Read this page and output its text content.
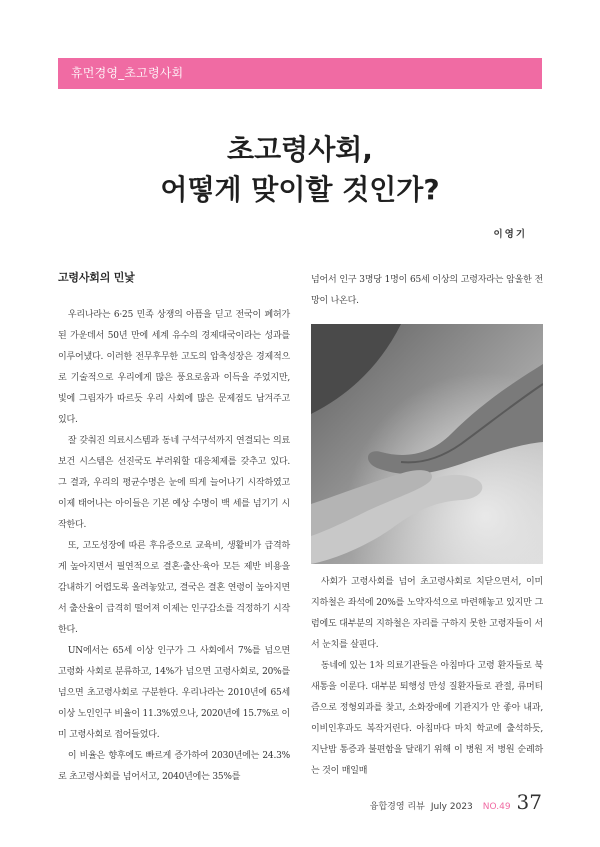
휴먼경영_초고령사회
초고령사회,
어떻게 맞이할 것인가?
이영기
고령사회의 민낯

우리나라는 6·25 민족 상쟁의 아픔을 딛고 전국이 폐허가 된 가운데서 50년 만에 세계 유수의 경제대국이라는 성과를 이루어냈다. 이러한 전무후무한 고도의 압축성장은 경제적으로 기술적으로 우리에게 많은 풍요로움과 이득을 주었지만, 빛에 그림자가 따르듯 우리 사회에 많은 문제점도 남겨주고 있다.

잘 갖춰진 의료시스템과 동네 구석구석까지 연결되는 의료보건 시스템은 선진국도 부러워할 대응체제를 갖추고 있다. 그 결과, 우리의 평균수명은 눈에 띄게 늘어나기 시작하였고 이제 태어나는 아이들은 기본 예상 수명이 백 세를 넘기기 시작한다.

또, 고도성장에 따른 후유증으로 교육비, 생활비가 급격하게 높아지면서 필연적으로 결혼·출산·육아 모든 제반 비용을 감내하기 어렵도록 올려놓았고, 결국은 결혼 연령이 높아지면서 출산율이 급격히 떨어져 이제는 인구감소를 걱정하기 시작한다.

UN에서는 65세 이상 인구가 그 사회에서 7%를 넘으면 고령화 사회로 분류하고, 14%가 넘으면 고령사회로, 20%를 넘으면 초고령사회로 구분한다. 우리나라는 2010년에 65세 이상 노인인구 비율이 11.3%였으나, 2020년에 15.7%로 이미 고령사회로 접어들었다.

이 비율은 향후에도 빠르게 증가하여 2030년에는 24.3%로 초고령사회를 넘어서고, 2040년에는 35%를

넘어서 인구 3명당 1명이 65세 이상의 고령자라는 암울한 전망이 나온다.

사회가 고령사회를 넘어 초고령사회로 치닫으면서, 이미 지하철은 좌석에 20%를 노약자석으로 마련해놓고 있지만 그럼에도 대부분의 지하철은 자리를 구하지 못한 고령자들이 서서 눈치를 살핀다.

동네에 있는 1차 의료기관들은 아침마다 고령 환자들로 북새통을 이룬다. 대부분 퇴행성 만성 질환자들로 관절, 류머티즘으로 정형외과를 찾고, 소화장애에 기관지가 안 좋아 내과, 이비인후과도 복작거린다. 아침마다 마치 학교에 출석하듯, 지난밤 통증과 불편함을 달래기 위해 이 병원 저 병원 순례하는 것이 매일매

융합경영 리뷰 July 2023 NO.49 37
